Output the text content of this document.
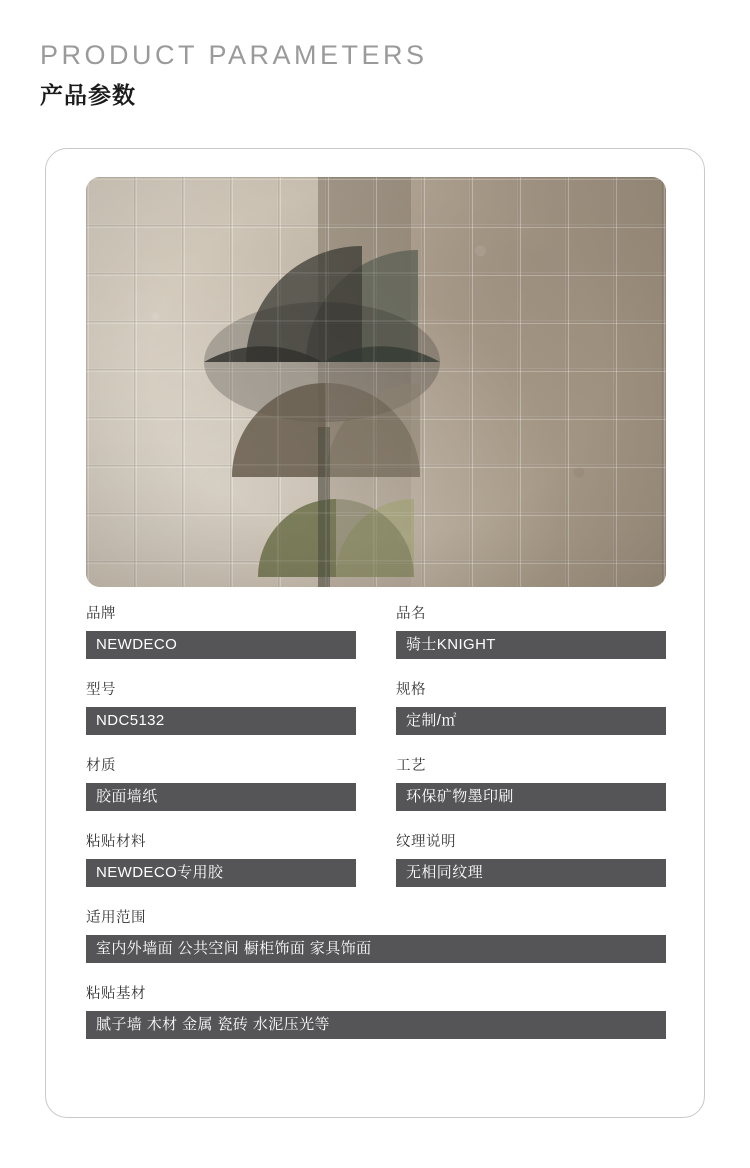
PRODUCT PARAMETERS
产品参数
品牌
NEWDECO
品名
骑士KNIGHT
型号
NDC5132
规格
定制/㎡
材质
胶面墙纸
工艺
环保矿物墨印刷
粘贴材料
NEWDECO专用胶
纹理说明
无相同纹理
适用范围
室内外墙面 公共空间 橱柜饰面 家具饰面
粘贴基材
腻子墙 木材 金属 瓷砖 水泥压光等
